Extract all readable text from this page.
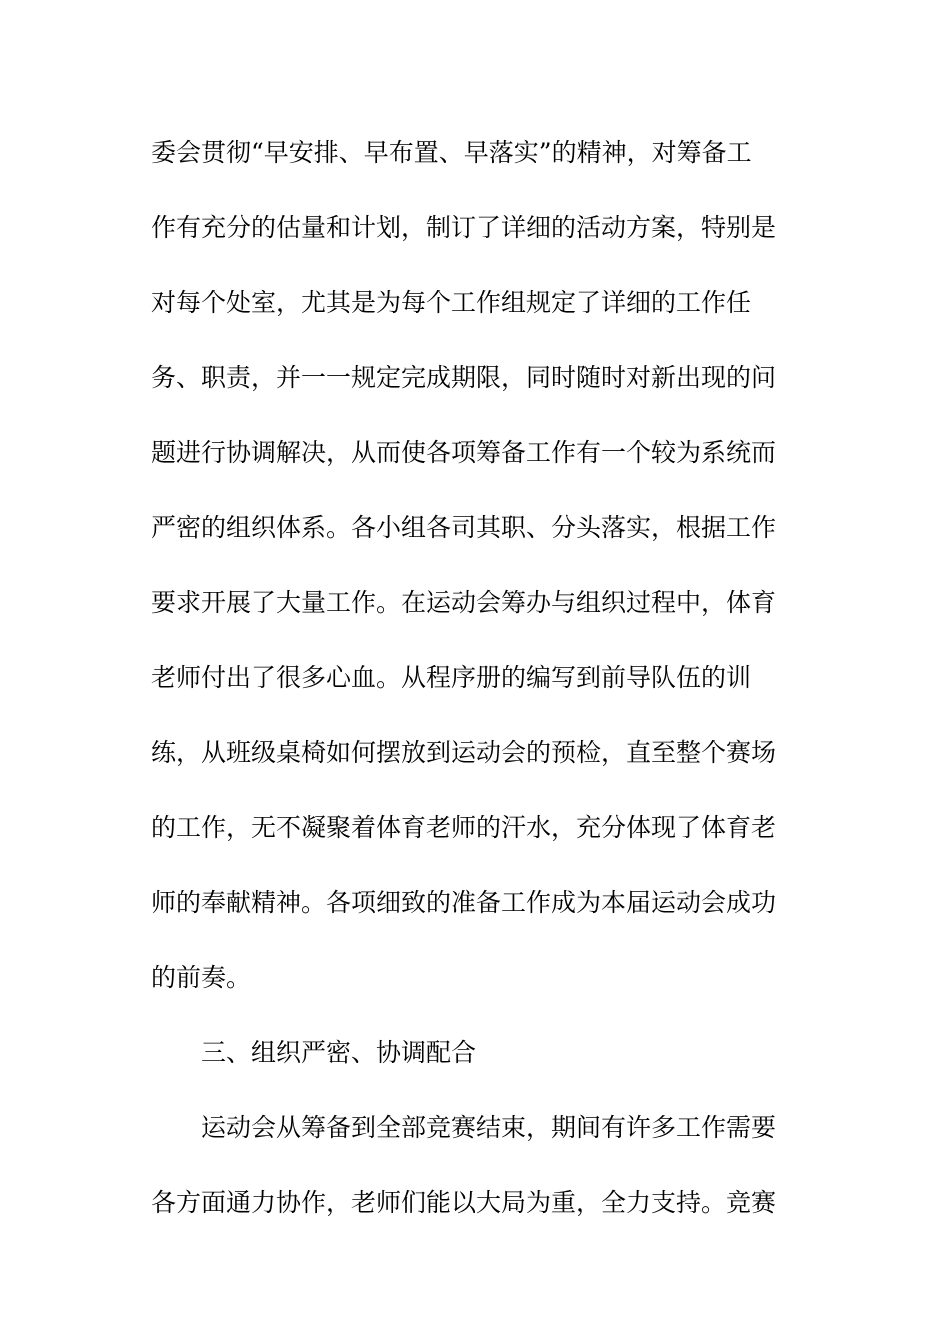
委会贯彻“早安排、早布置、早落实”的精神，对筹备工
作有充分的估量和计划，制订了详细的活动方案，特别是
对每个处室，尤其是为每个工作组规定了详细的工作任
务、职责，并一一规定完成期限，同时随时对新出现的问
题进行协调解决，从而使各项筹备工作有一个较为系统而
严密的组织体系。各小组各司其职、分头落实，根据工作
要求开展了大量工作。在运动会筹办与组织过程中，体育
老师付出了很多心血。从程序册的编写到前导队伍的训
练，从班级桌椅如何摆放到运动会的预检，直至整个赛场
的工作，无不凝聚着体育老师的汗水，充分体现了体育老
师的奉献精神。各项细致的准备工作成为本届运动会成功
的前奏。
三、组织严密、协调配合
运动会从筹备到全部竞赛结束，期间有许多工作需要
各方面通力协作，老师们能以大局为重，全力支持。竞赛
